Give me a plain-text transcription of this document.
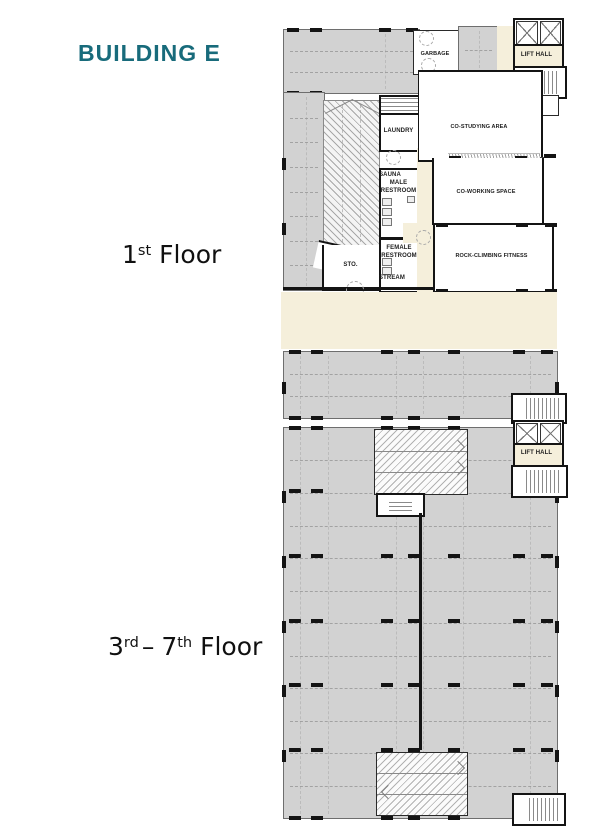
BUILDING E
1st Floor
3rd – 7th Floor
GARBAGE	LIFT HALL
LAUNDRY
CO-STUDYING AREA
SAUNA
MALE RESTROOM	CO-WORKING SPACE
FEMALE RESTROOM
STREAM
STO.
ROCK-CLIMBING FITNESS
LIFT HALL
